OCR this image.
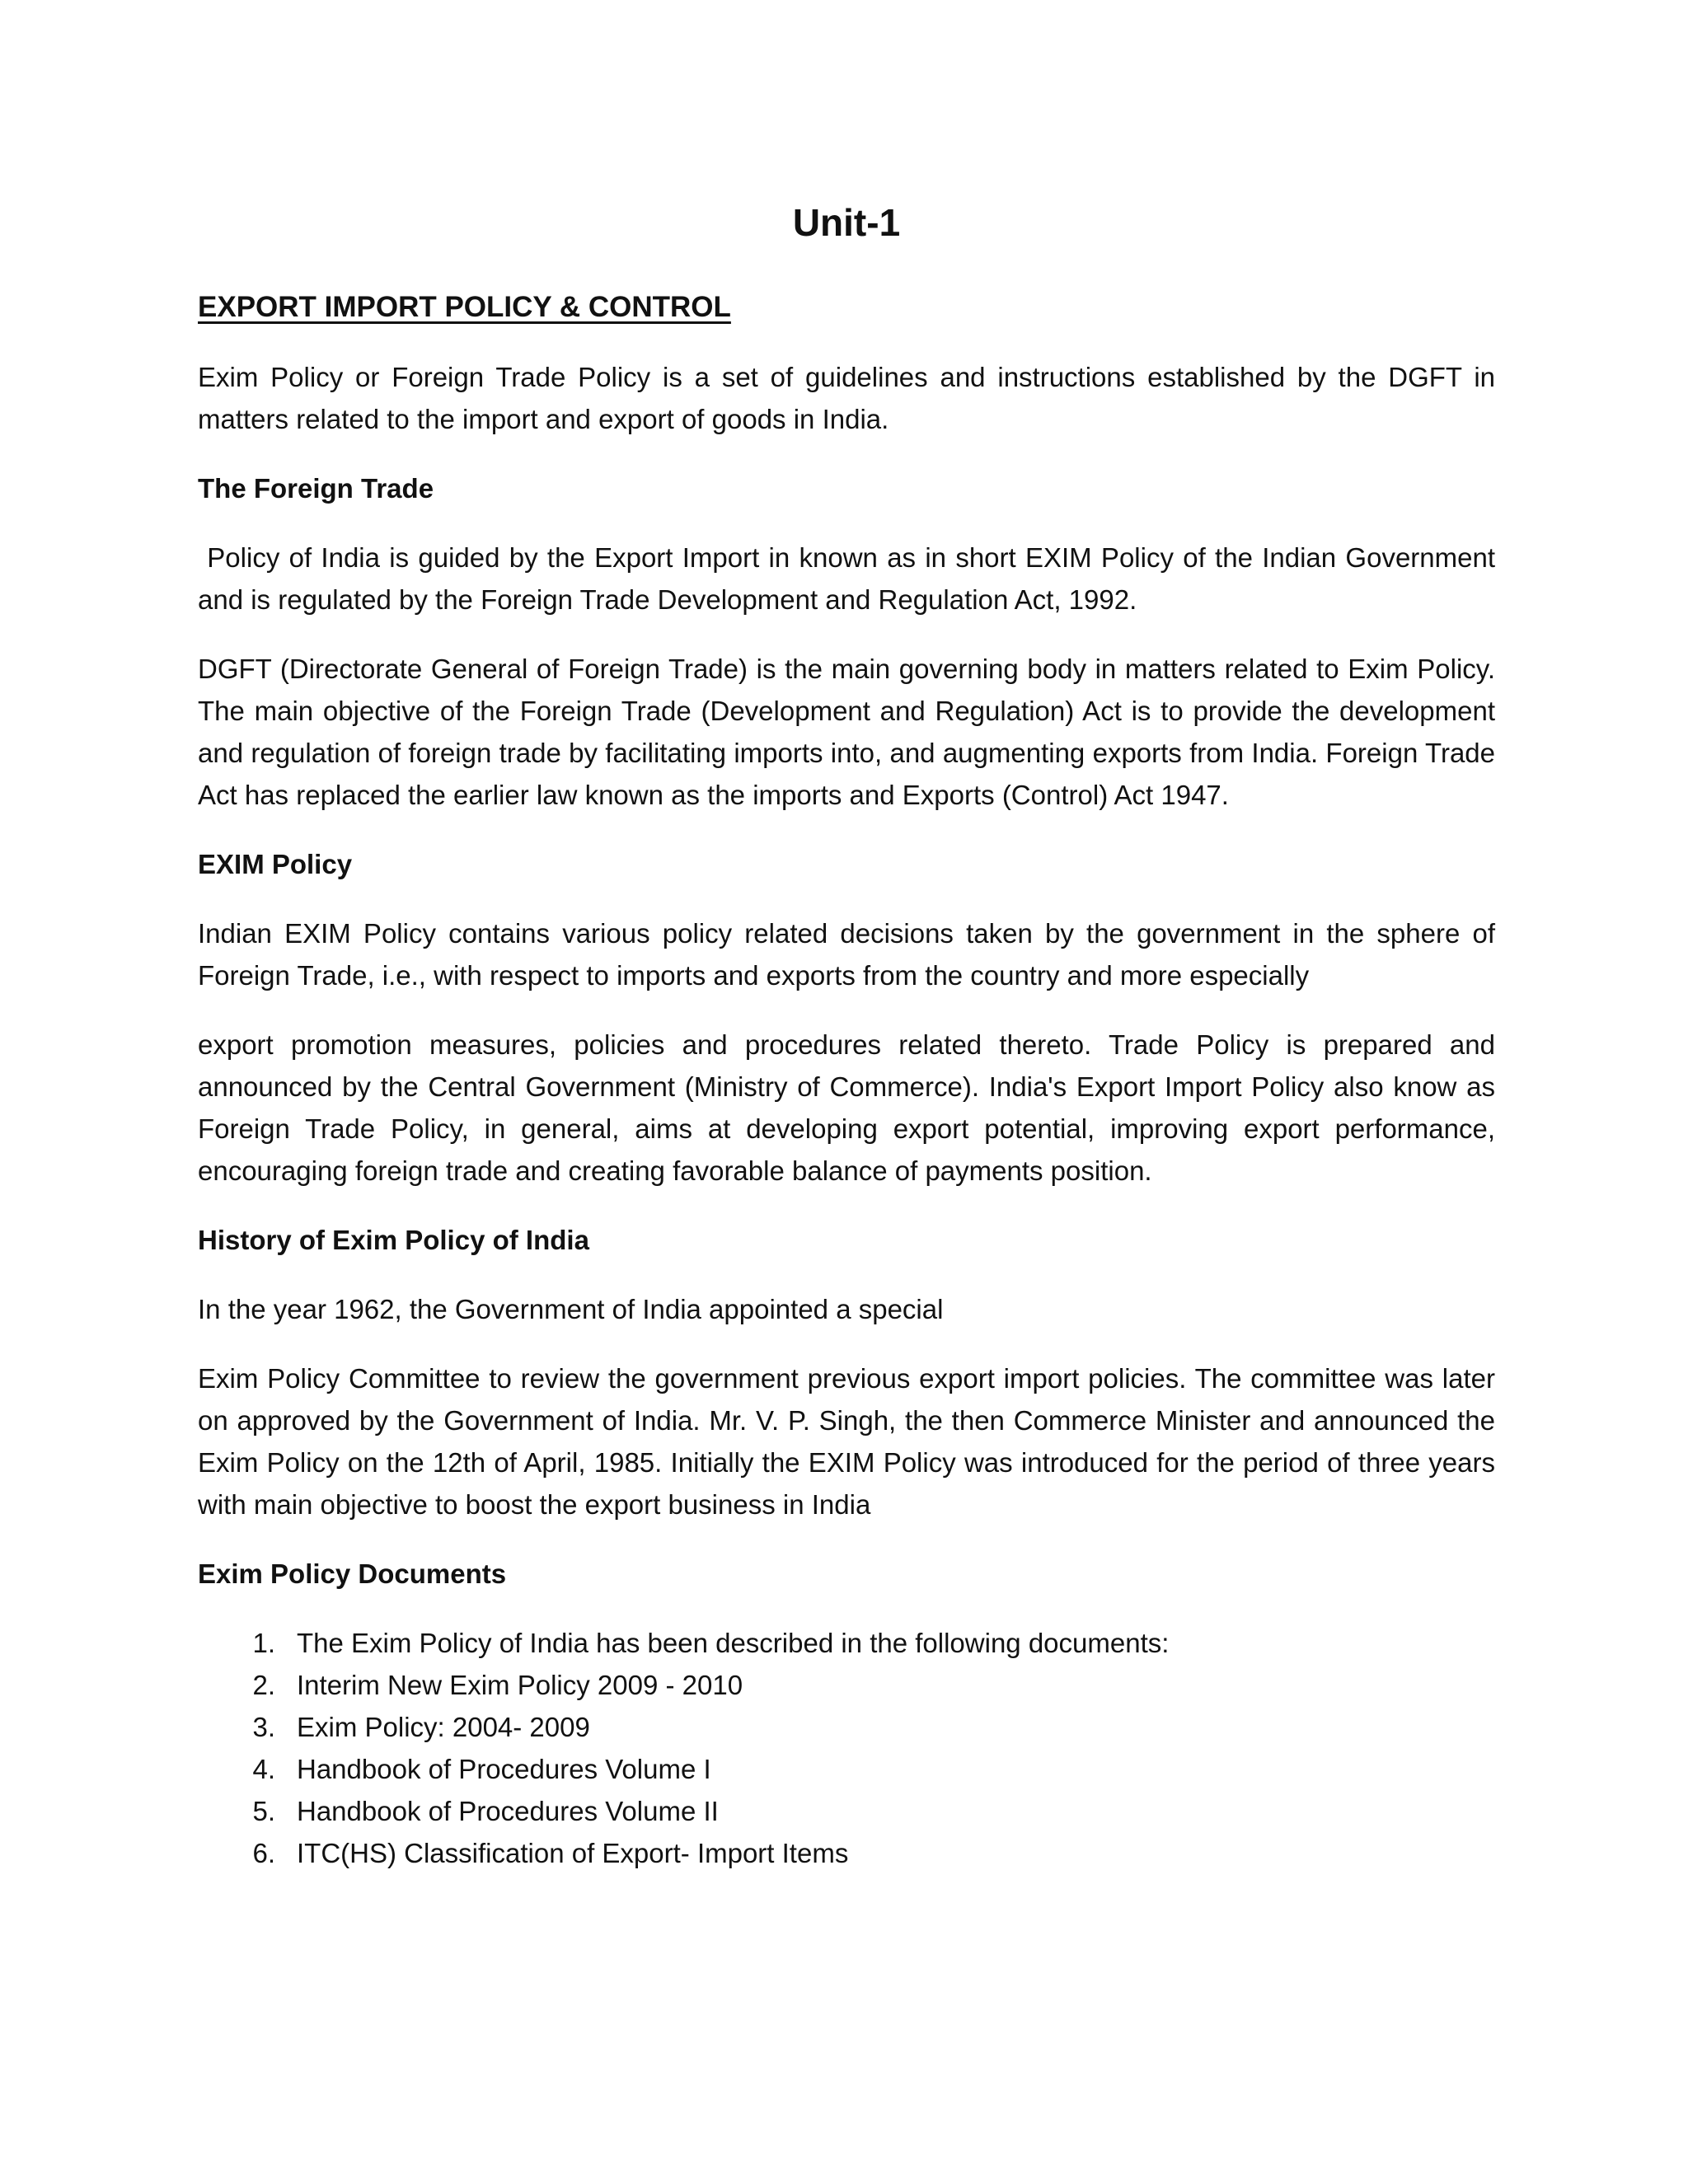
Unit-1
EXPORT IMPORT POLICY & CONTROL

Exim Policy or Foreign Trade Policy is a set of guidelines and instructions established by the DGFT in matters related to the import and export of goods in India.

The Foreign Trade

Policy of India is guided by the Export Import in known as in short EXIM Policy of the Indian Government and is regulated by the Foreign Trade Development and Regulation Act, 1992.

DGFT (Directorate General of Foreign Trade) is the main governing body in matters related to Exim Policy. The main objective of the Foreign Trade (Development and Regulation) Act is to provide the development and regulation of foreign trade by facilitating imports into, and augmenting exports from India. Foreign Trade Act has replaced the earlier law known as the imports and Exports (Control) Act 1947.

EXIM Policy

Indian EXIM Policy contains various policy related decisions taken by the government in the sphere of Foreign Trade, i.e., with respect to imports and exports from the country and more especially

export promotion measures, policies and procedures related thereto. Trade Policy is prepared and announced by the Central Government (Ministry of Commerce). India's Export Import Policy also know as Foreign Trade Policy, in general, aims at developing export potential, improving export performance, encouraging foreign trade and creating favorable balance of payments position.

History of Exim Policy of India

In the year 1962, the Government of India appointed a special

Exim Policy Committee to review the government previous export import policies. The committee was later on approved by the Government of India. Mr. V. P. Singh, the then Commerce Minister and announced the Exim Policy on the 12th of April, 1985. Initially the EXIM Policy was introduced for the period of three years with main objective to boost the export business in India

Exim Policy Documents
1. The Exim Policy of India has been described in the following documents:
2. Interim New Exim Policy 2009 - 2010
3. Exim Policy: 2004- 2009
4. Handbook of Procedures Volume I
5. Handbook of Procedures Volume II
6. ITC(HS) Classification of Export- Import Items
